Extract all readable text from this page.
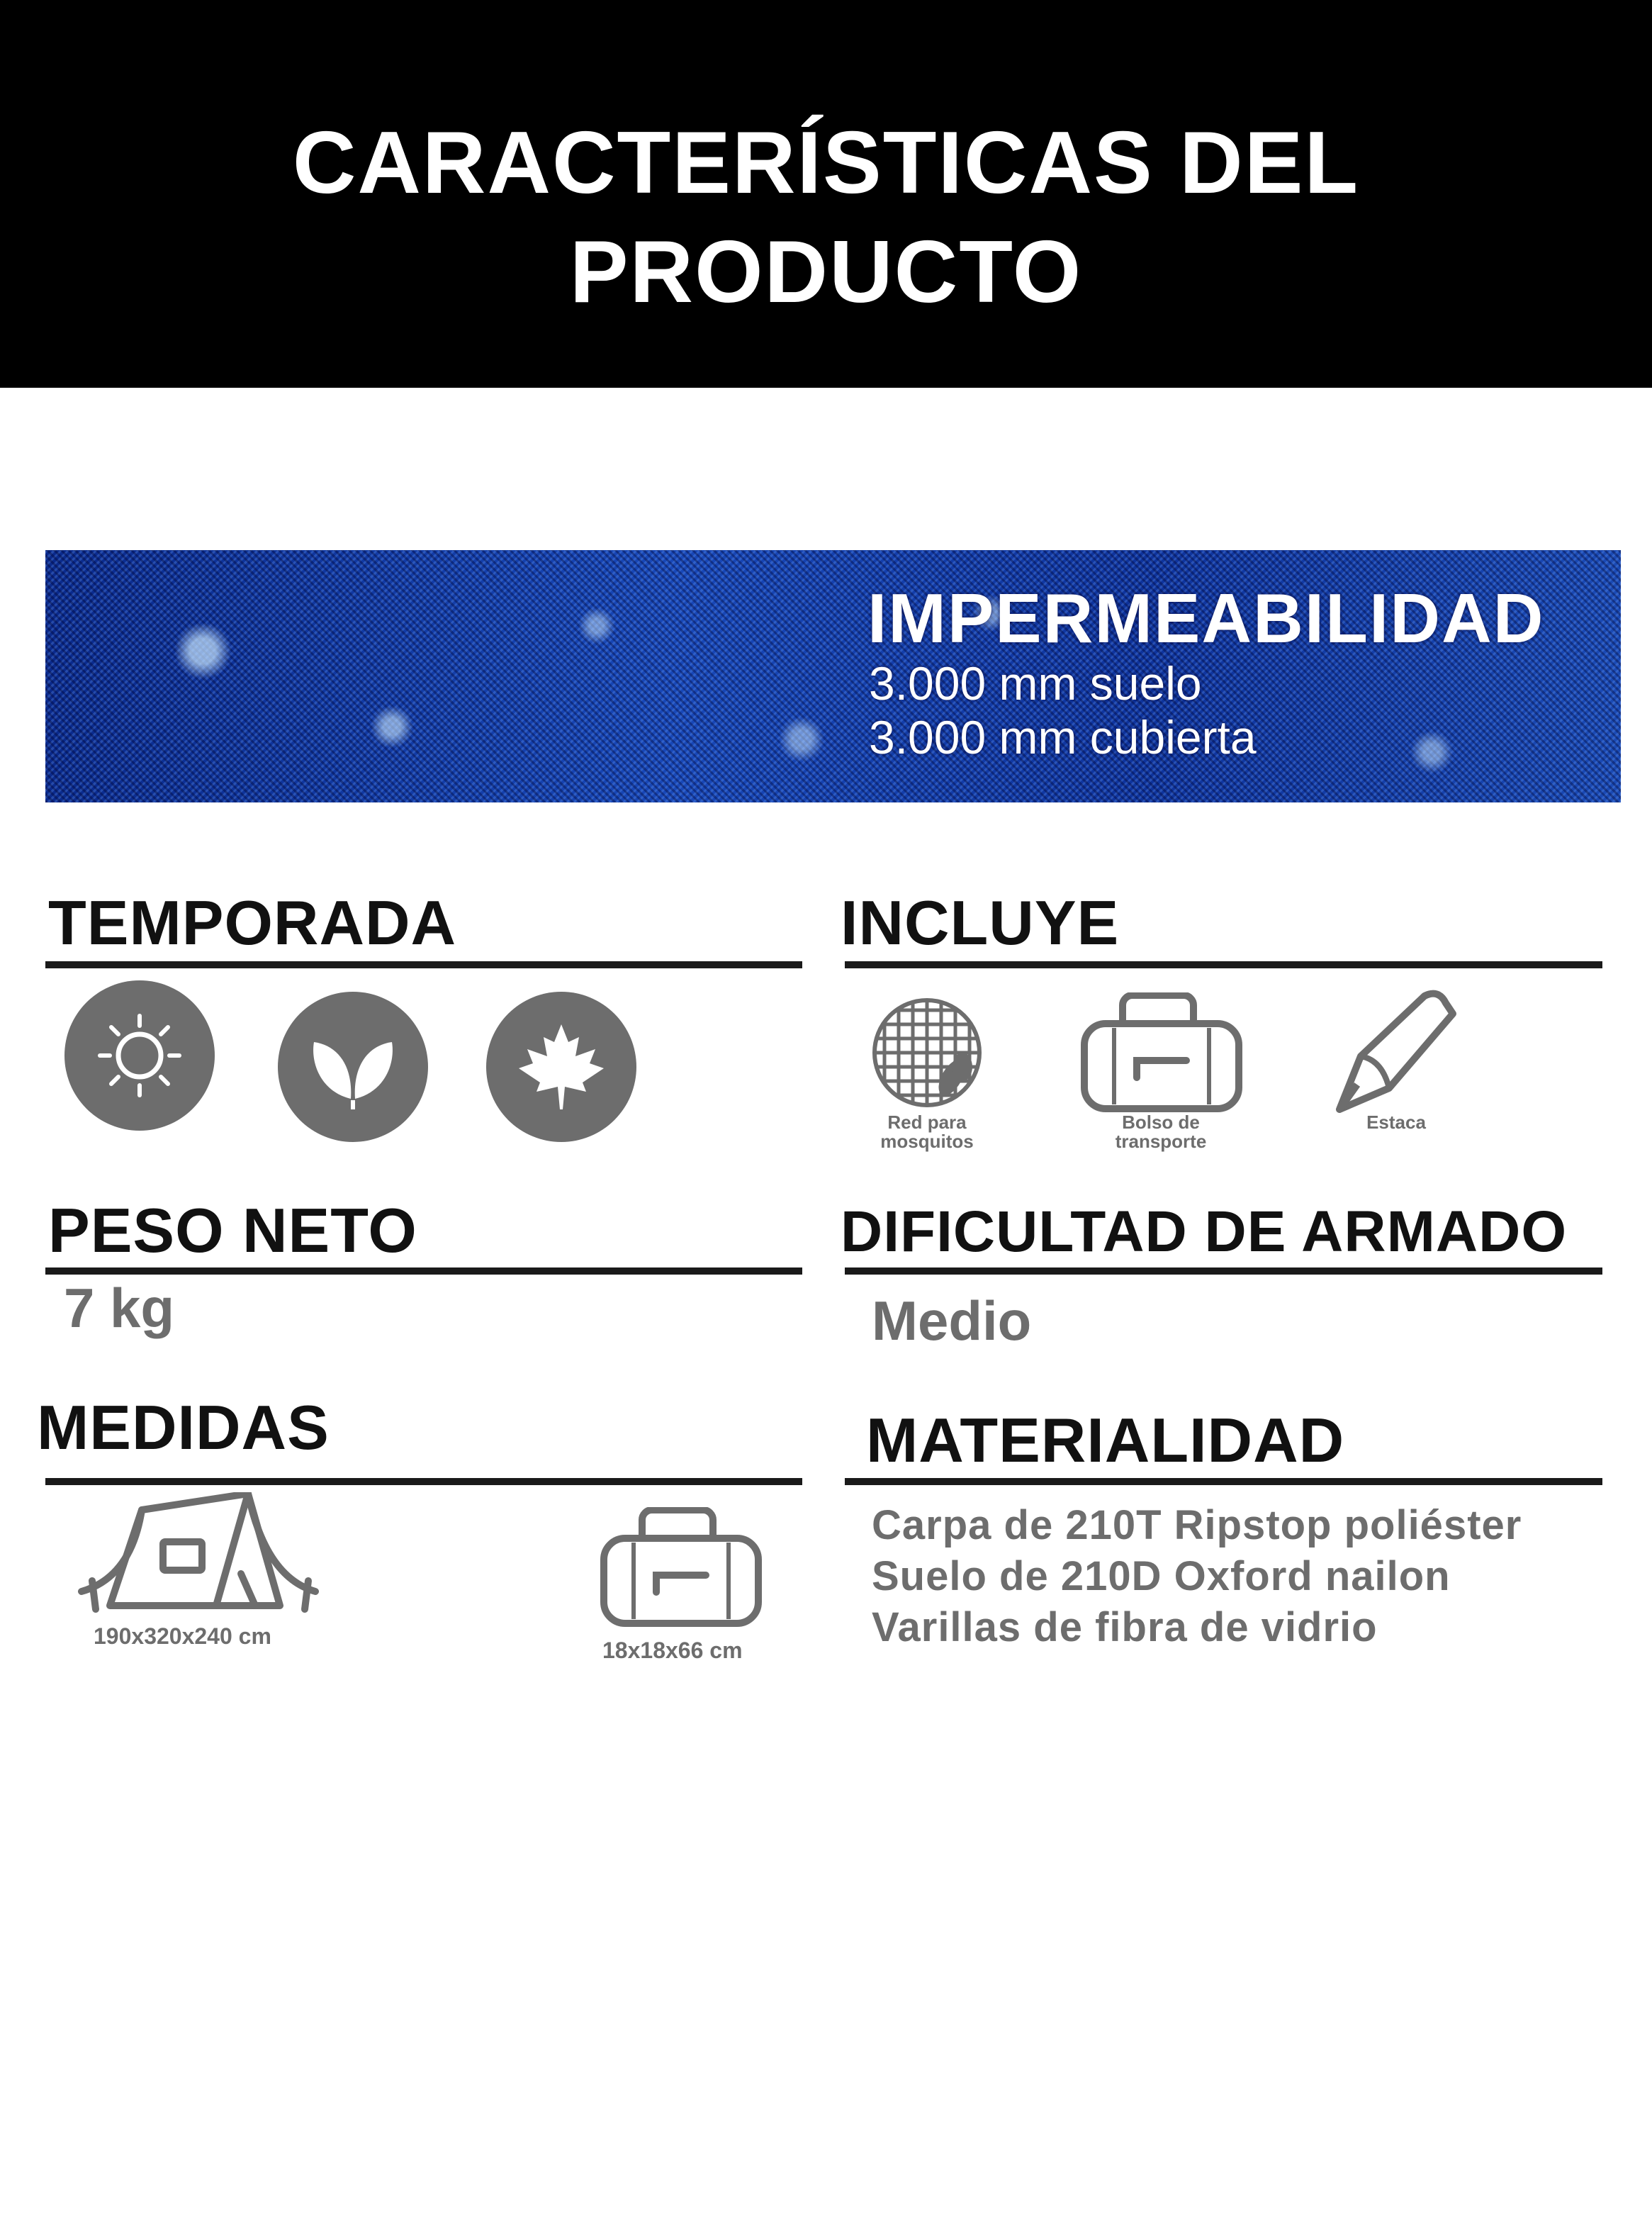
CARACTERÍSTICAS DEL
PRODUCTO
IMPERMEABILIDAD
3.000 mm suelo
3.000 mm cubierta
TEMPORADA	INCLUYE
Red para
mosquitos
Bolso de
transporte
Estaca
PESO NETO
7 kg
DIFICULTAD DE ARMADO
Medio
MEDIDAS
190x320x240 cm
18x18x66 cm
MATERIALIDAD
Carpa de 210T Ripstop poliéster
Suelo de 210D Oxford nailon
Varillas de fibra de vidrio
